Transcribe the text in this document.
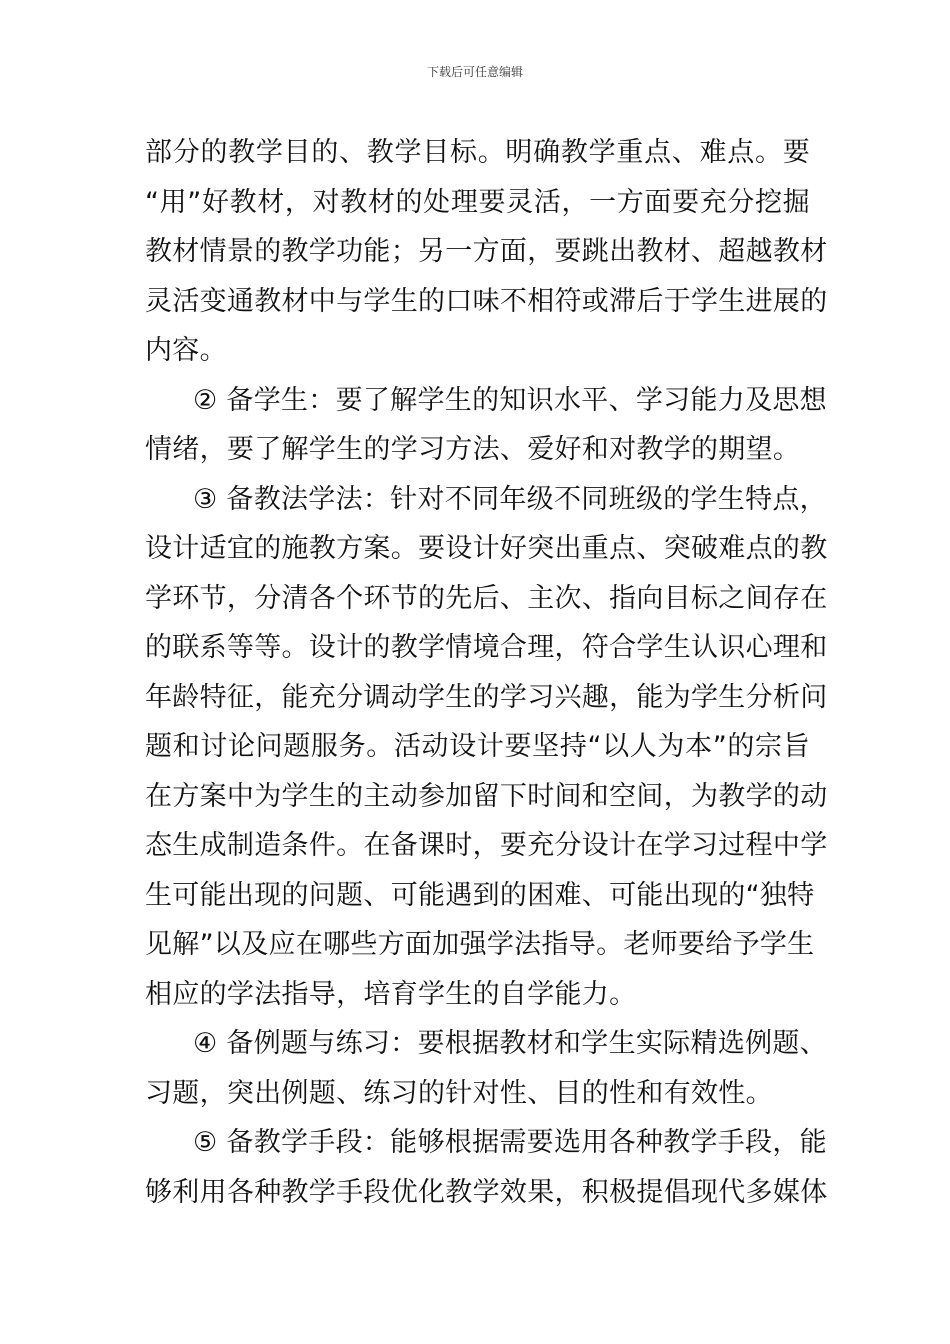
下载后可任意编辑
部分的教学目的、教学目标。明确教学重点、难点。要
“用”好教材，对教材的处理要灵活，一方面要充分挖掘
教材情景的教学功能；另一方面，要跳出教材、超越教材
灵活变通教材中与学生的口味不相符或滞后于学生进展的
内容。
② 备学生：要了解学生的知识水平、学习能力及思想
情绪，要了解学生的学习方法、爱好和对教学的期望。
③ 备教法学法：针对不同年级不同班级的学生特点，
设计适宜的施教方案。要设计好突出重点、突破难点的教
学环节，分清各个环节的先后、主次、指向目标之间存在
的联系等等。设计的教学情境合理，符合学生认识心理和
年龄特征，能充分调动学生的学习兴趣，能为学生分析问
题和讨论问题服务。活动设计要坚持“以人为本”的宗旨
在方案中为学生的主动参加留下时间和空间，为教学的动
态生成制造条件。在备课时，要充分设计在学习过程中学
生可能出现的问题、可能遇到的困难、可能出现的“独特
见解”以及应在哪些方面加强学法指导。老师要给予学生
相应的学法指导，培育学生的自学能力。
④ 备例题与练习：要根据教材和学生实际精选例题、
习题，突出例题、练习的针对性、目的性和有效性。
⑤ 备教学手段：能够根据需要选用各种教学手段，能
够利用各种教学手段优化教学效果，积极提倡现代多媒体
